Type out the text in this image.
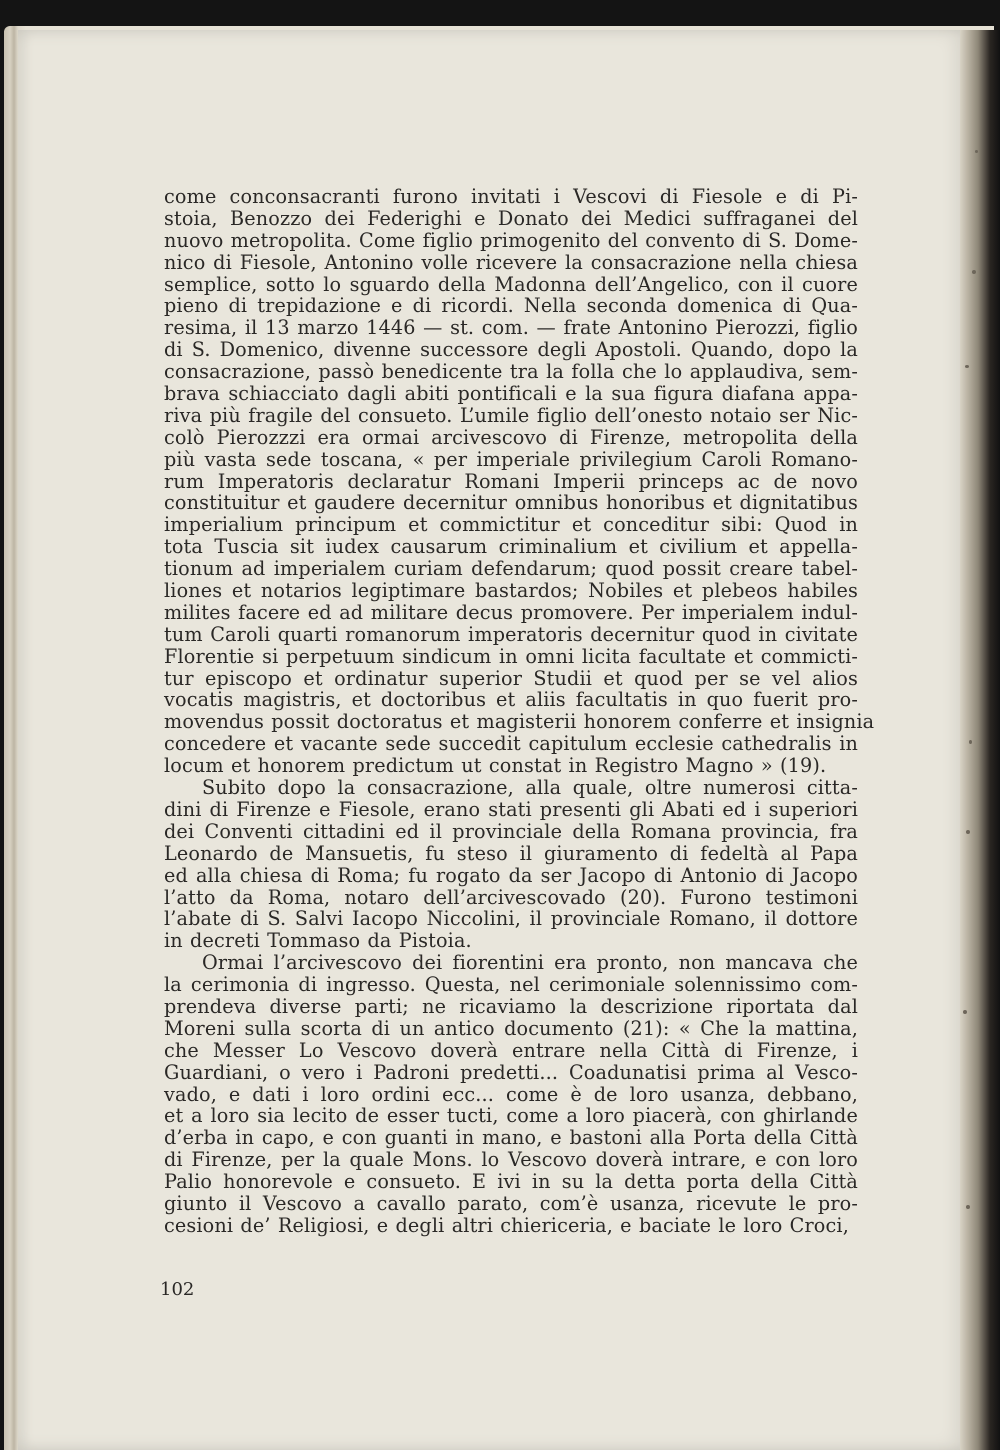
come conconsacranti furono invitati i Vescovi di Fiesole e di Pi-
stoia, Benozzo dei Federighi e Donato dei Medici suffraganei del
nuovo metropolita. Come figlio primogenito del convento di S. Dome-
nico di Fiesole, Antonino volle ricevere la consacrazione nella chiesa
semplice, sotto lo sguardo della Madonna dell’Angelico, con il cuore
pieno di trepidazione e di ricordi. Nella seconda domenica di Qua-
resima, il 13 marzo 1446 — st. com. — frate Antonino Pierozzi, figlio
di S. Domenico, divenne successore degli Apostoli. Quando, dopo la
consacrazione, passò benedicente tra la folla che lo applaudiva, sem-
brava schiacciato dagli abiti pontificali e la sua figura diafana appa-
riva più fragile del consueto. L’umile figlio dell’onesto notaio ser Nic-
colò Pierozzzi era ormai arcivescovo di Firenze, metropolita della
più vasta sede toscana, « per imperiale privilegium Caroli Romano-
rum Imperatoris declaratur Romani Imperii princeps ac de novo
constituitur et gaudere decernitur omnibus honoribus et dignitatibus
imperialium principum et commictitur et conceditur sibi: Quod in
tota Tuscia sit iudex causarum criminalium et civilium et appella-
tionum ad imperialem curiam defendarum; quod possit creare tabel-
liones et notarios legiptimare bastardos; Nobiles et plebeos habiles
milites facere ed ad militare decus promovere. Per imperialem indul-
tum Caroli quarti romanorum imperatoris decernitur quod in civitate
Florentie si perpetuum sindicum in omni licita facultate et commicti-
tur episcopo et ordinatur superior Studii et quod per se vel alios
vocatis magistris, et doctoribus et aliis facultatis in quo fuerit pro-
movendus possit doctoratus et magisterii honorem conferre et insignia
concedere et vacante sede succedit capitulum ecclesie cathedralis in
locum et honorem predictum ut constat in Registro Magno » (19).
Subito dopo la consacrazione, alla quale, oltre numerosi citta-
dini di Firenze e Fiesole, erano stati presenti gli Abati ed i superiori
dei Conventi cittadini ed il provinciale della Romana provincia, fra
Leonardo de Mansuetis, fu steso il giuramento di fedeltà al Papa
ed alla chiesa di Roma; fu rogato da ser Jacopo di Antonio di Jacopo
l’atto da Roma, notaro dell’arcivescovado (20). Furono testimoni
l’abate di S. Salvi Iacopo Niccolini, il provinciale Romano, il dottore
in decreti Tommaso da Pistoia.
Ormai l’arcivescovo dei fiorentini era pronto, non mancava che
la cerimonia di ingresso. Questa, nel cerimoniale solennissimo com-
prendeva diverse parti; ne ricaviamo la descrizione riportata dal
Moreni sulla scorta di un antico documento (21): « Che la mattina,
che Messer Lo Vescovo doverà entrare nella Città di Firenze, i
Guardiani, o vero i Padroni predetti... Coadunatisi prima al Vesco-
vado, e dati i loro ordini ecc... come è de loro usanza, debbano,
et a loro sia lecito de esser tucti, come a loro piacerà, con ghirlande
d’erba in capo, e con guanti in mano, e bastoni alla Porta della Città
di Firenze, per la quale Mons. lo Vescovo doverà intrare, e con loro
Palio honorevole e consueto. E ivi in su la detta porta della Città
giunto il Vescovo a cavallo parato, com’è usanza, ricevute le pro-
cesioni de’ Religiosi, e degli altri chiericeria, e baciate le loro Croci,
102
